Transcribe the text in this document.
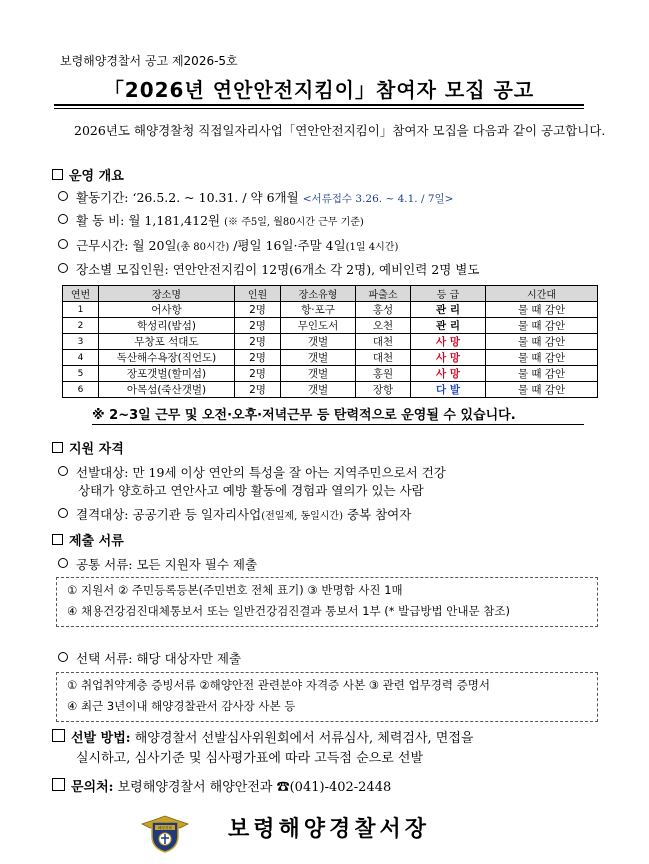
보령해양경찰서 공고 제2026-5호
「2026년 연안안전지킴이」참여자 모집 공고
2026년도 해양경찰청 직접일자리사업「연안안전지킴이」참여자 모집을 다음과 같이 공고합니다.
운영 개요
활동기간: ‘26.5.2. ~ 10.31. / 약 6개월 <서류접수 3.26. ~ 4.1. / 7일>
활 동 비: 월 1,181,412원 (※ 주5일, 월80시간 근무 기준)
근무시간: 월 20일(총 80시간) /평일 16일·주말 4일(1일 4시간)
장소별 모집인원: 연안안전지킴이 12명(6개소 각 2명), 예비인력 2명 별도
연번	장소명	인원	장소유형	파출소	등 급	시간대
1	어사항	2명	항·포구	홍성	관 리	물 때 감안
2	학성리(밤섬)	2명	무인도서	오천	관 리	물 때 감안
3	무창포 석대도	2명	갯벌	대천	사 망	물 때 감안
4	독산해수욕장(직언도)	2명	갯벌	대천	사 망	물 때 감안
5	장포갯벌(할미섬)	2명	갯벌	홍원	사 망	물 때 감안
6	아목섬(죽산갯벌)	2명	갯벌	장항	다 발	물 때 감안
※ 2~3일 근무 및 오전·오후·저녁근무 등 탄력적으로 운영될 수 있습니다.
지원 자격
선발대상: 만 19세 이상 연안의 특성을 잘 아는 지역주민으로서 건강
상태가 양호하고 연안사고 예방 활동에 경험과 열의가 있는 사람
결격대상: 공공기관 등 일자리사업(전일제, 동일시간) 중복 참여자
제출 서류
공통 서류: 모든 지원자 필수 제출
① 지원서 ② 주민등록등본(주민번호 전체 표기) ③ 반명함 사진 1매
④ 채용건강검진대체통보서 또는 일반건강검진결과 통보서 1부 (* 발급방법 안내문 참조)
선택 서류: 해당 대상자만 제출
① 취업취약계층 증빙서류 ②해양안전 관련분야 자격증 사본 ③ 관련 업무경력 증명서
④ 최근 3년이내 해양경찰관서 감사장 사본 등
선발 방법: 해양경찰서 선발심사위원회에서 서류심사, 체력검사, 면접을
실시하고, 심사기준 및 심사평가표에 따라 고득점 순으로 선발
문의처: 보령해양경찰서 해양안전과 ☎(041)-402-2448
해양경찰	보령해양경찰서장
